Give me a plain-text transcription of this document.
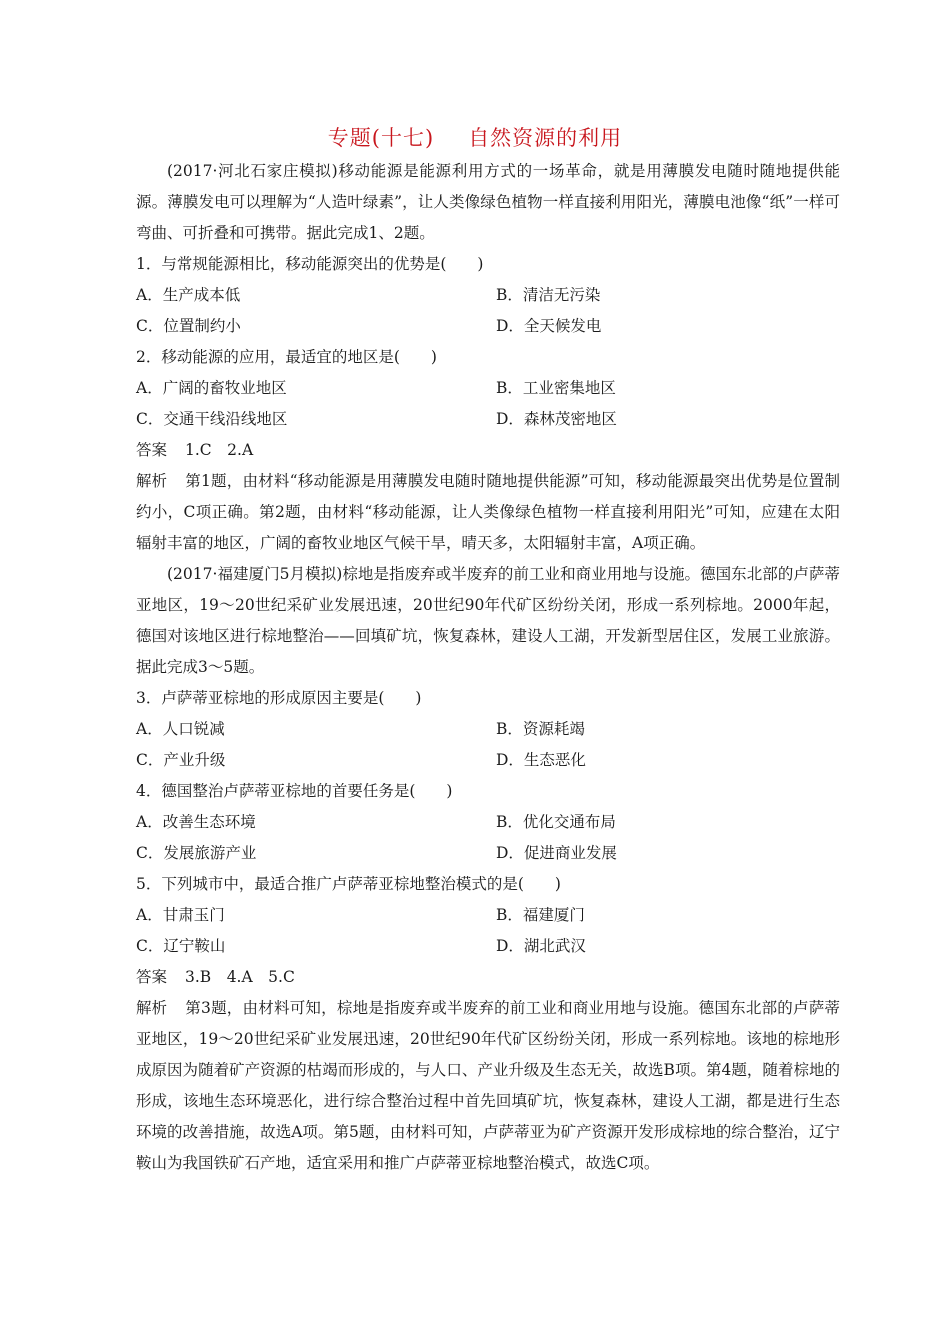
专题(十七) 自然资源的利用

(2017·河北石家庄模拟)移动能源是能源利用方式的一场革命，就是用薄膜发电随时随地提供能源。薄膜发电可以理解为“人造叶绿素”，让人类像绿色植物一样直接利用阳光，薄膜电池像“纸”一样可弯曲、可折叠和可携带。据此完成1、2题。

1．与常规能源相比，移动能源突出的优势是(　　)

A．生产成本低	B．清洁无污染
C．位置制约小	D．全天候发电

2．移动能源的应用，最适宜的地区是(　　)

A．广阔的畜牧业地区	B．工业密集地区
C．交通干线沿线地区	D．森林茂密地区

答案 1.C　2.A

解析 第1题，由材料“移动能源是用薄膜发电随时随地提供能源”可知，移动能源最突出优势是位置制约小，C项正确。第2题，由材料“移动能源，让人类像绿色植物一样直接利用阳光”可知，应建在太阳辐射丰富的地区，广阔的畜牧业地区气候干旱，晴天多，太阳辐射丰富，A项正确。

(2017·福建厦门5月模拟)棕地是指废弃或半废弃的前工业和商业用地与设施。德国东北部的卢萨蒂亚地区，19～20世纪采矿业发展迅速，20世纪90年代矿区纷纷关闭，形成一系列棕地。2000年起，德国对该地区进行棕地整治——回填矿坑，恢复森林，建设人工湖，开发新型居住区，发展工业旅游。据此完成3～5题。

3．卢萨蒂亚棕地的形成原因主要是(　　)

A．人口锐减	B．资源耗竭
C．产业升级	D．生态恶化

4．德国整治卢萨蒂亚棕地的首要任务是(　　)

A．改善生态环境	B．优化交通布局
C．发展旅游产业	D．促进商业发展

5．下列城市中，最适合推广卢萨蒂亚棕地整治模式的是(　　)

A．甘肃玉门	B．福建厦门
C．辽宁鞍山	D．湖北武汉

答案 3.B　4.A　5.C

解析 第3题，由材料可知，棕地是指废弃或半废弃的前工业和商业用地与设施。德国东北部的卢萨蒂亚地区，19～20世纪采矿业发展迅速，20世纪90年代矿区纷纷关闭，形成一系列棕地。该地的棕地形成原因为随着矿产资源的枯竭而形成的，与人口、产业升级及生态无关，故选B项。第4题，随着棕地的形成，该地生态环境恶化，进行综合整治过程中首先回填矿坑，恢复森林，建设人工湖，都是进行生态环境的改善措施，故选A项。第5题，由材料可知，卢萨蒂亚为矿产资源开发形成棕地的综合整治，辽宁鞍山为我国铁矿石产地，适宜采用和推广卢萨蒂亚棕地整治模式，故选C项。
